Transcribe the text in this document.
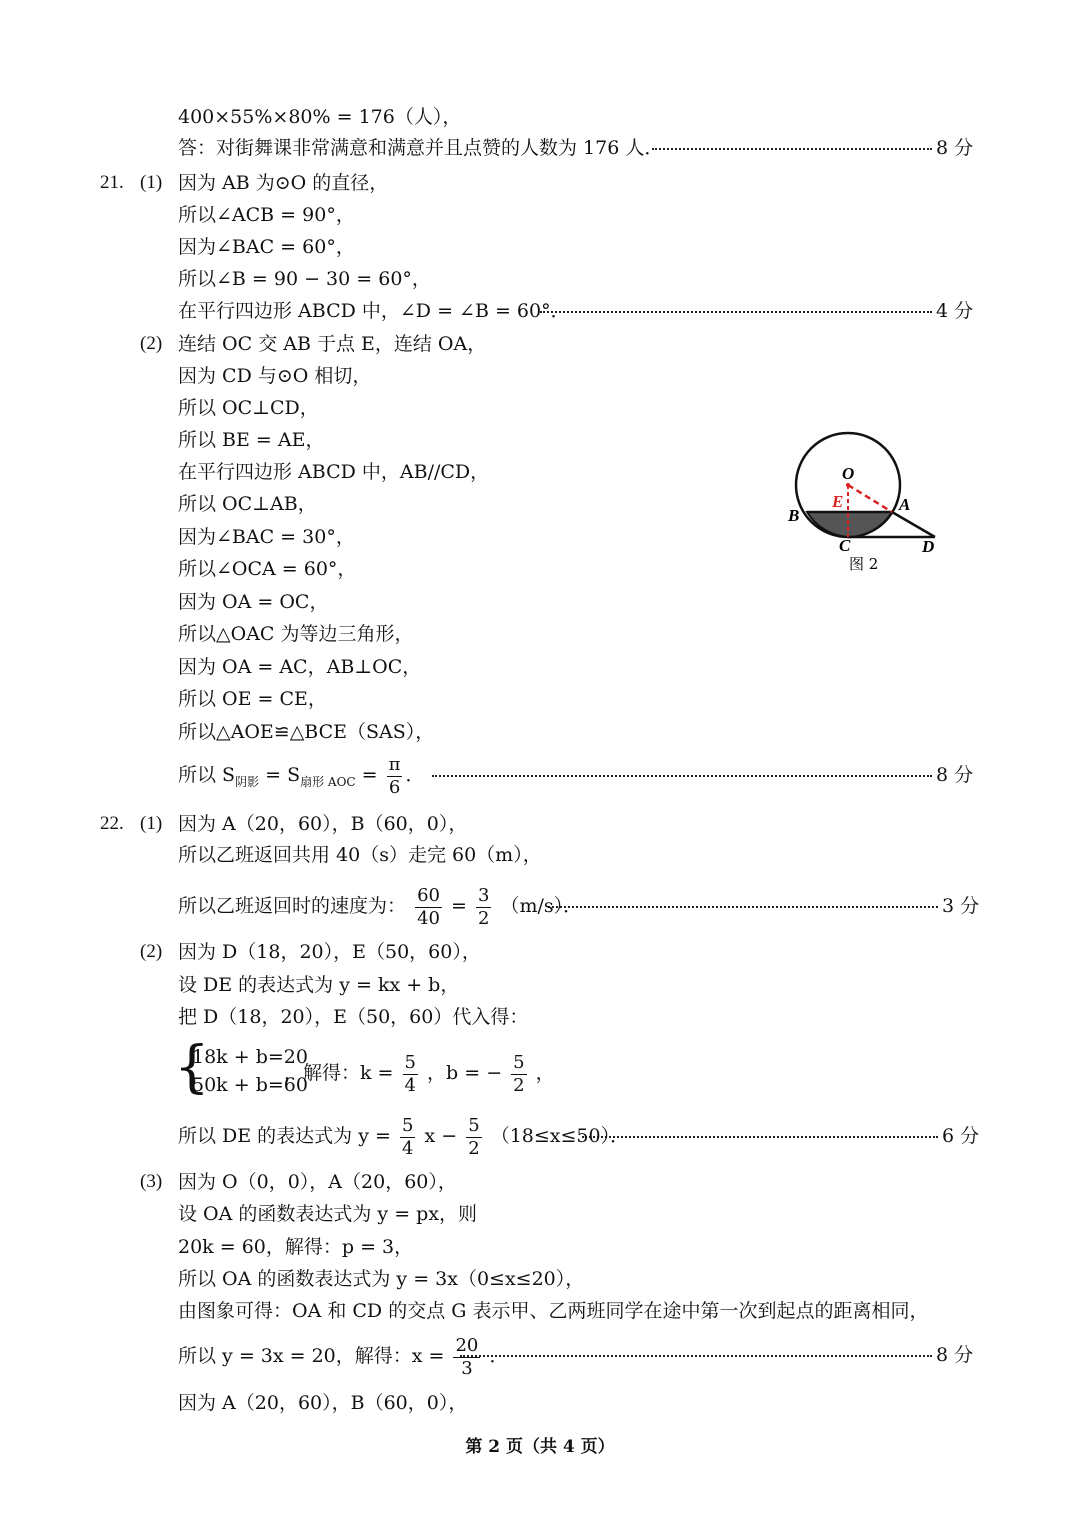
400×55%×80% = 176（人），
答：对街舞课非常满意和满意并且点赞的人数为 176 人．
因为 AB 为⊙O 的直径，
所以∠ACB = 90°，
因为∠BAC = 60°，
所以∠B = 90 − 30 = 60°，
在平行四边形 ABCD 中，∠D = ∠B = 60°．
连结 OC 交 AB 于点 E，连结 OA，
因为 CD 与⊙O 相切，
所以 OC⊥CD，
所以 BE = AE，
在平行四边形 ABCD 中，AB//CD，
所以 OC⊥AB，
因为∠BAC = 30°，
所以∠OCA = 60°，
因为 OA = OC，
所以△OAC 为等边三角形，
因为 OA = AC，AB⊥OC，
所以 OE = CE，
所以△AOE≌△BCE（SAS），
因为 A（20，60），B（60，0），
所以乙班返回共用 40（s）走完 60（m），
因为 D（18，20），E（50，60），
设 DE 的表达式为 y = kx + b，
把 D（18，20），E（50，60）代入得：
因为 O（0，0），A（20，60），
设 OA 的函数表达式为 y = px，则
20k = 60，解得：p = 3，
所以 OA 的函数表达式为 y = 3x（0≤x≤20），
由图象可得：OA 和 CD 的交点 G 表示甲、乙两班同学在途中第一次到起点的距离相同，
因为 A（20，60），B（60，0），
21. (1)
(2)
22. (1)
(2)
(3)
8 分
4 分
8 分
3 分
6 分
8 分
所以 $S_{阴影} = S_{扇形 AOC} = \frac{\pi}{6}$ ．
所以乙班返回时的速度为： $\frac{60}{40} = \frac{3}{2} (m/s)$．
{
18k + b=20
50k + b=60
，解得：$k = \frac{5}{4}$ ，b = − $\frac{5}{2}$ ，
所以 DE 的表达式为 $y = \frac{5}{4}$ $x - \frac{5}{2} (18\le x\le 50)$．
所以 y = 3x = 20，解得：$x = \frac{20}{3}$ ．
O
E	A
B
C	D
图 2
第 2 页（共 4 页）
